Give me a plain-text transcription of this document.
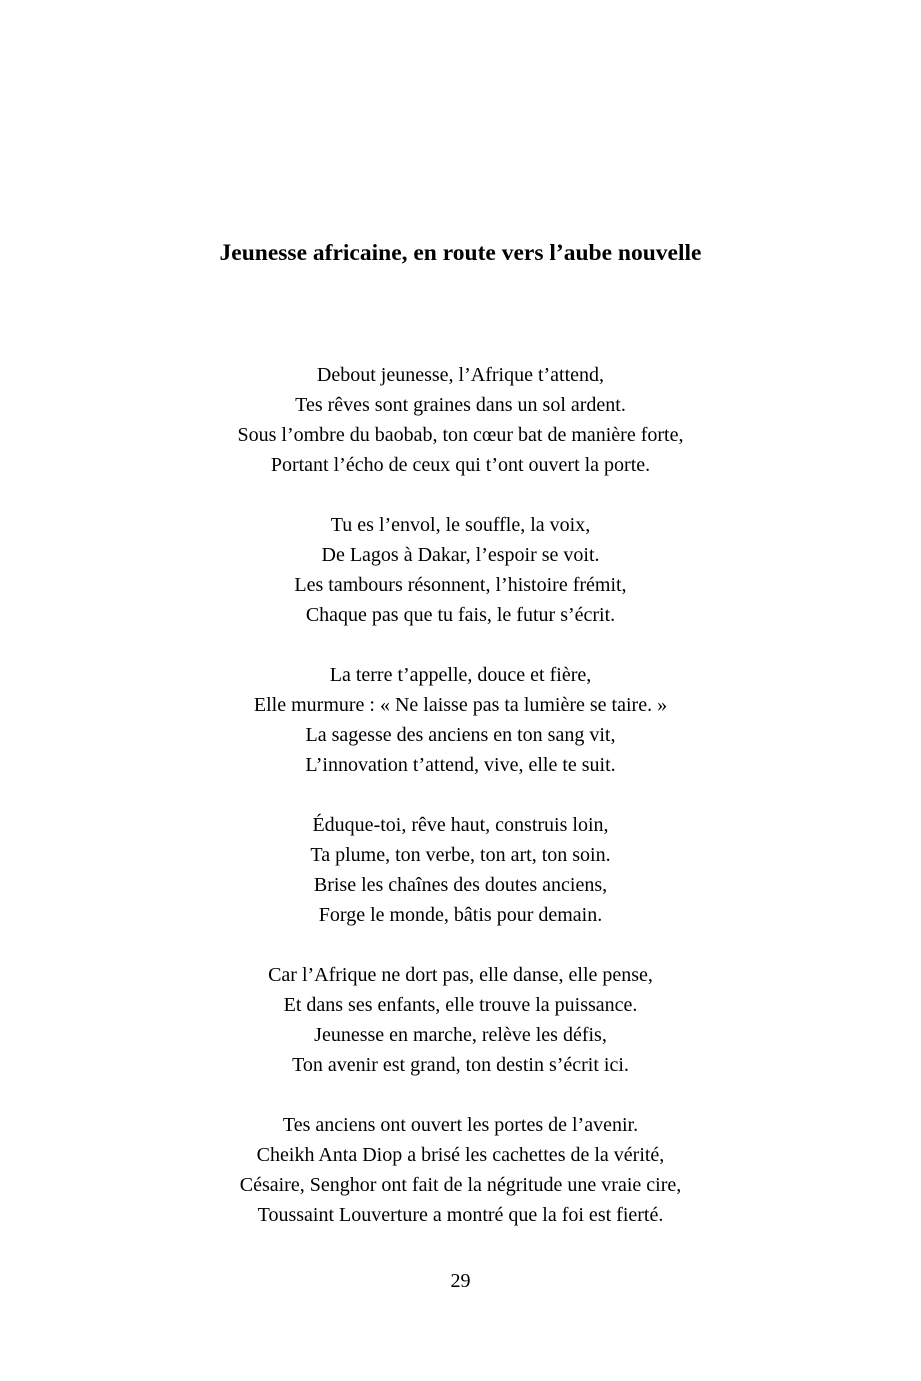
Jeunesse africaine, en route vers l’aube nouvelle
Debout jeunesse, l’Afrique t’attend,
Tes rêves sont graines dans un sol ardent.
Sous l’ombre du baobab, ton cœur bat de manière forte,
Portant l’écho de ceux qui t’ont ouvert la porte.
Tu es l’envol, le souffle, la voix,
De Lagos à Dakar, l’espoir se voit.
Les tambours résonnent, l’histoire frémit,
Chaque pas que tu fais, le futur s’écrit.
La terre t’appelle, douce et fière,
Elle murmure : « Ne laisse pas ta lumière se taire. »
La sagesse des anciens en ton sang vit,
L’innovation t’attend, vive, elle te suit.
Éduque-toi, rêve haut, construis loin,
Ta plume, ton verbe, ton art, ton soin.
Brise les chaînes des doutes anciens,
Forge le monde, bâtis pour demain.
Car l’Afrique ne dort pas, elle danse, elle pense,
Et dans ses enfants, elle trouve la puissance.
Jeunesse en marche, relève les défis,
Ton avenir est grand, ton destin s’écrit ici.
Tes anciens ont ouvert les portes de l’avenir.
Cheikh Anta Diop a brisé les cachettes de la vérité,
Césaire, Senghor ont fait de la négritude une vraie cire,
Toussaint Louverture a montré que la foi est fierté.
29
